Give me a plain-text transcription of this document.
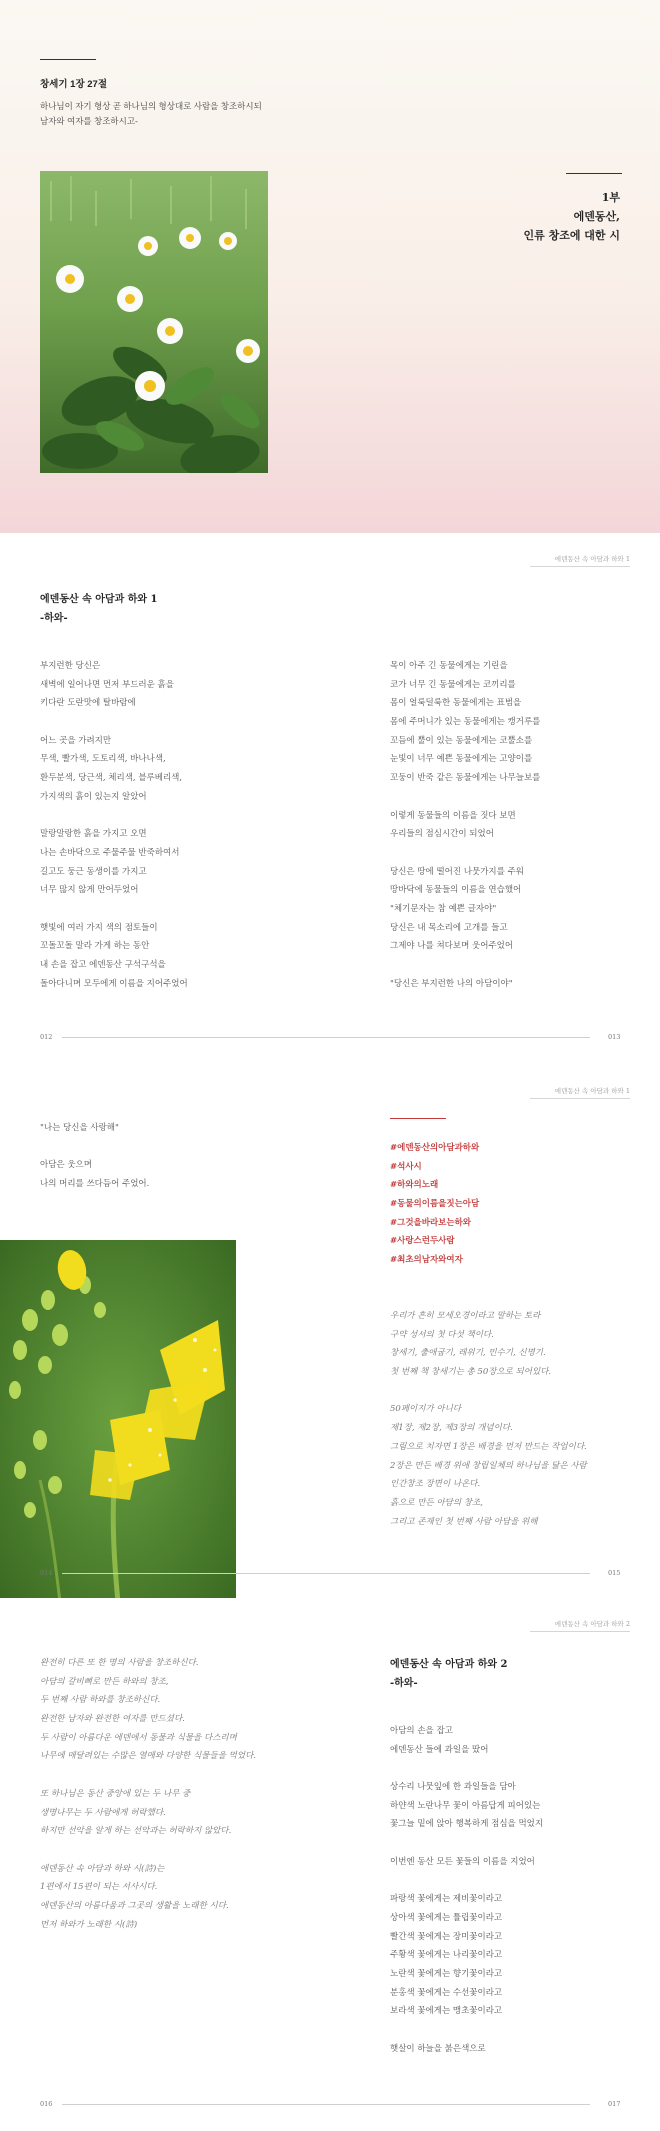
창세기 1장 27절
하나님이 자기 형상 곧 하나님의 형상대로 사람을 창조하시되
남자와 여자를 창조하시고-
1부
에덴동산,
인류 창조에 대한 시
에덴동산 속 아담과 하와 1
에덴동산 속 아담과 하와 1
-하와-
부지런한 당신은
새벽에 일어나면 먼저 부드러운 흙을
키다란 도란맛에 탈바람에
어느 곳을 가려지만
무색, 빨가색, 도토리색, 바나나색,
환두분색, 당근색, 체리색, 블루베리색,
가지색의 흙이 있는지 알았어
말랑말랑한 흙을 가지고 오면
나는 손바닥으로 주물주물 반죽하여서
길고도 둥근 동생이를 가지고
너무 많지 않게 만어두었어
햇빛에 여러 가지 색의 점토들이
꼬돌꼬돌 말라 가게 하는 동안
내 손을 잡고 에덴동산 구석구석을
돌아다니며 모두에게 이름을 지어주었어
목이 아주 긴 동물에게는 기린을
코가 너무 긴 동물에게는 코끼리를
몸이 얼룩덜룩한 동물에게는 표범을
몸에 주머니가 있는 동물에게는 캥거루를
꼬듬에 뿔이 있는 동물에게는 코뿔소를
눈빛이 너무 예쁜 동물에게는 고양이를
꼬둥이 반죽 같은 동물에게는 나무늘보를
이렇게 동물들의 이름을 짓다 보면
우리들의 점심시간이 되었어
당신은 땅에 떨어진 나뭇가지를 주워
땅바닥에 동물들의 이름을 연습했어
"체기문자는 참 예쁜 글자야"
당신은 내 목소리에 고개를 들고
그제야 나를 쳐다보며 웃어주었어
"당신은 부지런한 나의 아담이야"
012	013
에덴동산 속 아담과 하와 1
"나는 당신을 사랑해"
아담은 웃으며
나의 머리를 쓰다듬어 주었어.
#에덴동산의아담과하와
#석사시
#하와의노래
#동물의이름을짓는아담
#그것을바라보는하와
#사랑스런두사람
#최초의남자와여자
우리가 흔히 모세오경이라고 말하는 토라
구약 성서의 첫 다섯 책이다.
창세기, 출애굽기, 레위기, 민수기, 신명기.
첫 번째 책 창세기는 총 50장으로 되어있다.
50페이지가 아니다
제1장, 제2장, 제3장의 개념이다.
그림으로 치자면 1장은 배경을 먼저 만드는 작업이다.
2장은 만든 배경 위에 창립일체의 하나님을 닮은 사람
인간창조 장면이 나온다.
흙으로 만든 아담의 창조,
그리고 존재인 첫 번째 사람 아담을 위해
014	015
에덴동산 속 아담과 하와 2
완전히 다른 또 한 명의 사람을 창조하신다.
아담의 갈비뼈로 만든 하와의 창조,
두 번째 사람 하와를 창조하신다.
완전한 남자와 완전한 여자를 만드셨다.
두 사람이 아름다운 에덴에서 동물과 식물을 다스리며
나무에 매달려있는 수많은 열매와 다양한 식물들을 먹었다.
또 하나님은 동산 중앙에 있는 두 나무 중
생명나무는 두 사람에게 허락했다.
하지만 선악을 알게 하는 선악과는 허락하지 않았다.
에덴동산 속 아담과 하와 시(詩)는
1편에서 15편이 되는 서사시다.
에덴동산의 아름다움과 그곳의 생활을 노래한 시다.
먼저 하와가 노래한 시(詩)
에덴동산 속 아담과 하와 2
-하와-
아담의 손을 잡고
에덴동산 들에 과일을 땄어
상수리 나뭇잎에 한 과일들을 담아
하얀색 노란나무 꽃이 아름답게 피어있는
꽃그늘 밑에 앉아 행복하게 점심을 먹었지
이번엔 동산 모든 꽃들의 이름을 지었어
파랑색 꽃에게는 제비꽃이라고
상아색 꽃에게는 튤립꽃이라고
빨간색 꽃에게는 장미꽃이라고
주황색 꽃에게는 나리꽃이라고
노란색 꽃에게는 향기꽃이라고
분홍색 꽃에게는 수선꽃이라고
보라색 꽃에게는 맹초꽃이라고
햇살이 하늘을 붉은색으로
016	017
